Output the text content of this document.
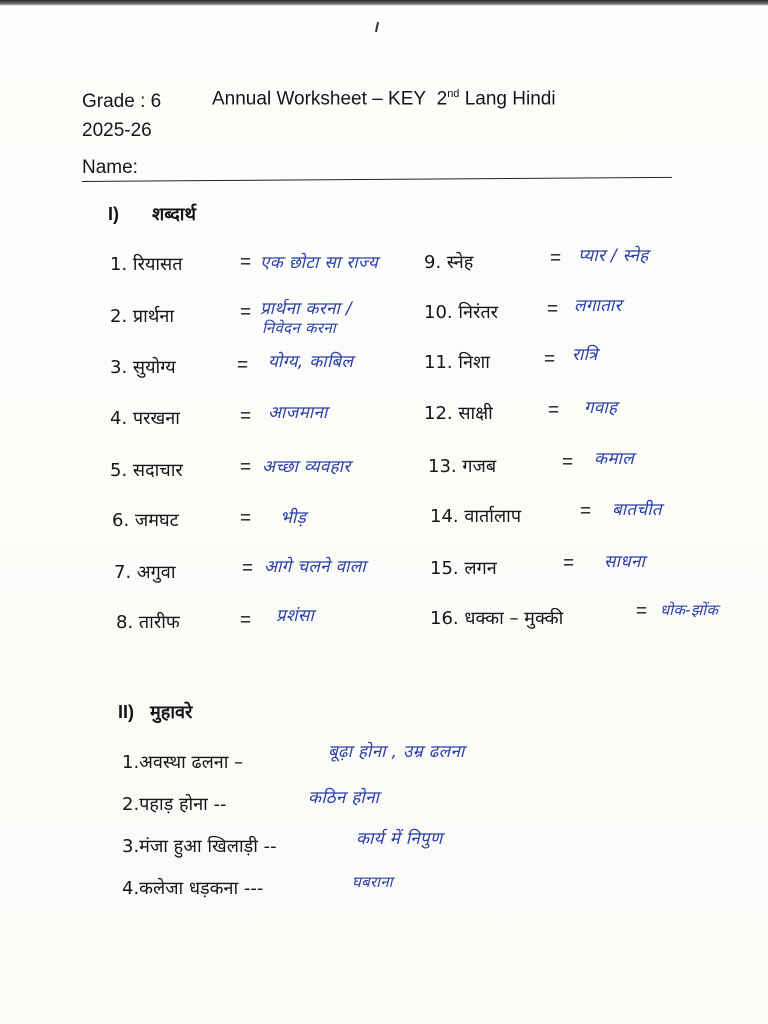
Grade : 6	Annual Worksheet – KEY 2nd Lang Hindi
2025-26
Name:
I) शब्दार्थ
1. रियासत	= एक छोटा सा राज्य
2. प्रार्थना	= प्रार्थना करना /
निवेदन करना
3. सुयोग्य	= योग्य, काबिल
4. परखना	= आजमाना
5. सदाचार	= अच्छा व्यवहार
6. जमघट	= भीड़
7. अगुवा	= आगे चलने वाला
8. तारीफ	= प्रशंसा
9. स्नेह	= प्यार / स्नेह
10. निरंतर	= लगातार
11. निशा	= रात्रि
12. साक्षी	= गवाह
13. गजब	= कमाल
14. वार्तालाप	= बातचीत
15. लगन	= साधना
16. धक्का – मुक्की	= धोक-झोंक
II) मुहावरे
1.अवस्था ढलना –	बूढ़ा होना , उम्र ढलना
2.पहाड़ होना --	कठिन होना
3.मंजा हुआ खिलाड़ी --	कार्य में निपुण
4.कलेजा धड़कना ---	घबराना
